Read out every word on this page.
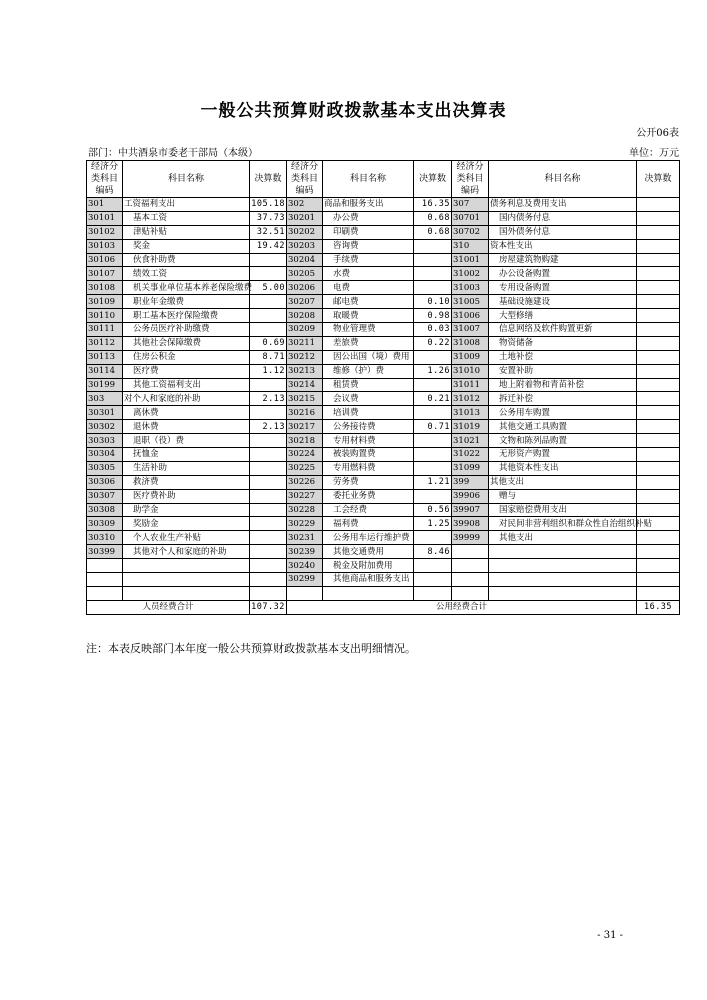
一般公共预算财政拨款基本支出决算表
公开06表
部门：中共酒泉市委老干部局（本级）	单位：万元
经济分类科目编码	科目名称	决算数	经济分类科目编码	科目名称	决算数	经济分类科目编码	科目名称	决算数
301	工资福利支出	105.18	302	商品和服务支出	16.35	307	债务利息及费用支出	
30101	基本工资	37.73	30201	办公费	0.68	30701	国内债务付息	
30102	津贴补贴	32.51	30202	印刷费	0.68	30702	国外债务付息	
30103	奖金	19.42	30203	咨询费		310	资本性支出	
30106	伙食补助费		30204	手续费		31001	房屋建筑物购建	
30107	绩效工资		30205	水费		31002	办公设备购置	
30108	机关事业单位基本养老保险缴费	5.00	30206	电费		31003	专用设备购置	
30109	职业年金缴费		30207	邮电费	0.10	31005	基础设施建设	
30110	职工基本医疗保险缴费		30208	取暖费	0.98	31006	大型修缮	
30111	公务员医疗补助缴费		30209	物业管理费	0.03	31007	信息网络及软件购置更新	
30112	其他社会保障缴费	0.69	30211	差旅费	0.22	31008	物资储备	
30113	住房公积金	8.71	30212	因公出国（境）费用		31009	土地补偿	
30114	医疗费	1.12	30213	维修（护）费	1.26	31010	安置补助	
30199	其他工资福利支出		30214	租赁费		31011	地上附着物和青苗补偿	
303	对个人和家庭的补助	2.13	30215	会议费	0.21	31012	拆迁补偿	
30301	离休费		30216	培训费		31013	公务用车购置	
30302	退休费	2.13	30217	公务接待费	0.71	31019	其他交通工具购置	
30303	退职（役）费		30218	专用材料费		31021	文物和陈列品购置	
30304	抚恤金		30224	被装购置费		31022	无形资产购置	
30305	生活补助		30225	专用燃料费		31099	其他资本性支出	
30306	救济费		30226	劳务费	1.21	399	其他支出	
30307	医疗费补助		30227	委托业务费		39906	赠与	
30308	助学金		30228	工会经费	0.56	39907	国家赔偿费用支出	
30309	奖励金		30229	福利费	1.25	39908	对民间非营利组织和群众性自治组织补贴	
30310	个人农业生产补贴		30231	公务用车运行维护费		39999	其他支出	
30399	其他对个人和家庭的补助		30239	其他交通费用	8.46			
			30240	税金及附加费用				
			30299	其他商品和服务支出				

人员经费合计		107.32	公用经费合计					16.35
注：本表反映部门本年度一般公共预算财政拨款基本支出明细情况。
- 31 -
